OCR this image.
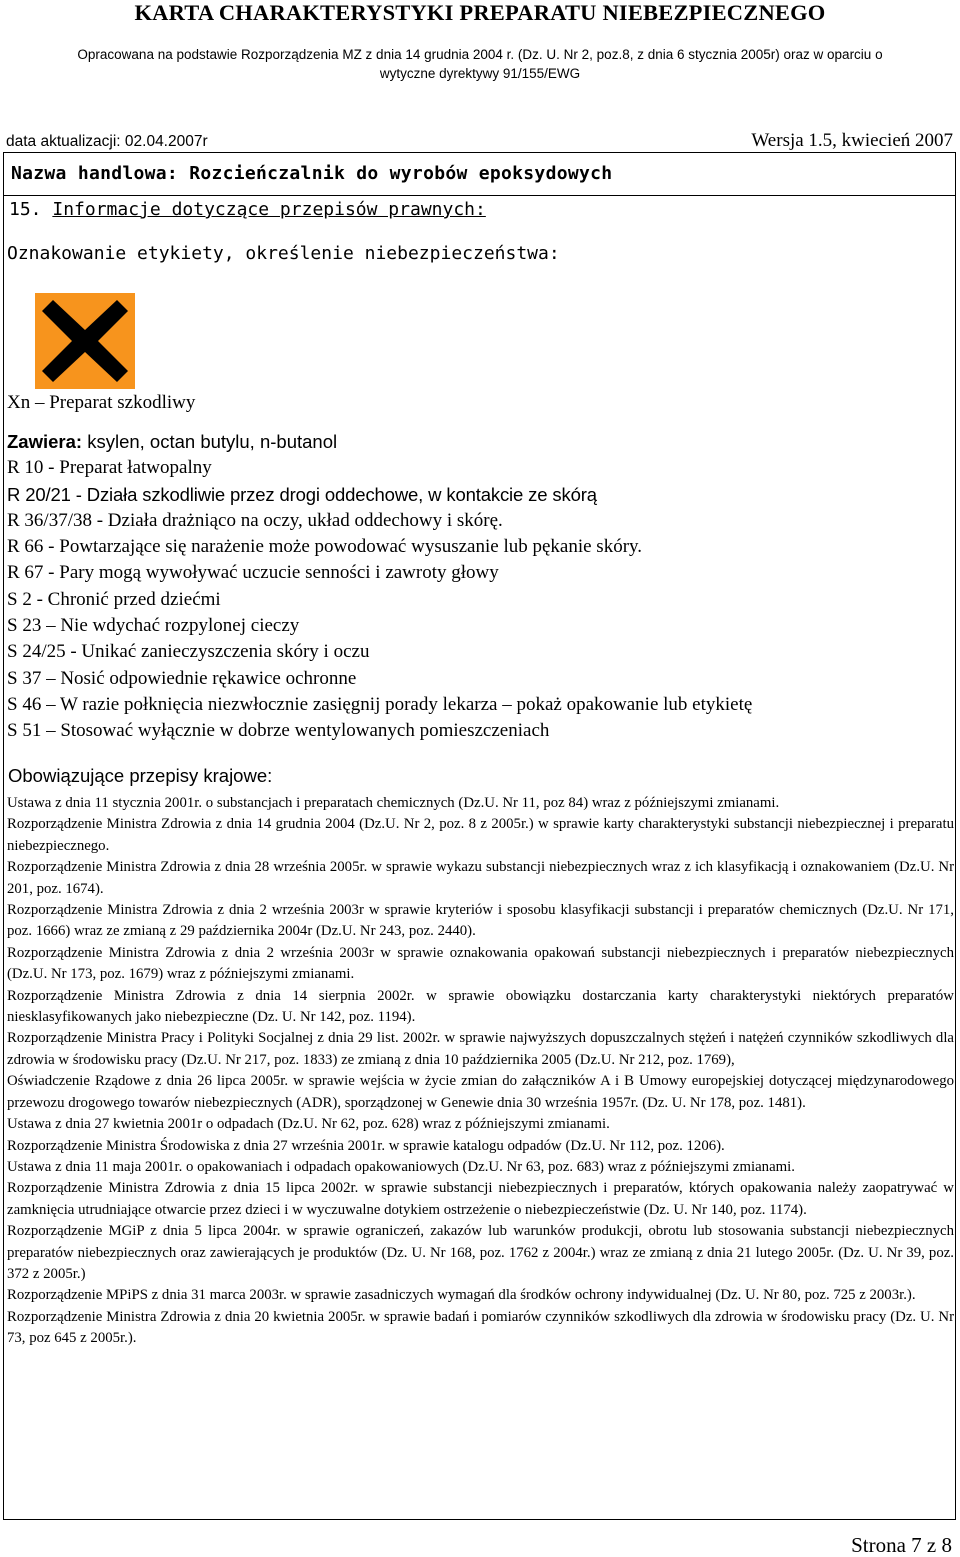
KARTA CHARAKTERYSTYKI PREPARATU NIEBEZPIECZNEGO
Opracowana na podstawie Rozporządzenia MZ z dnia 14 grudnia 2004 r. (Dz. U. Nr 2, poz.8, z dnia 6 stycznia 2005r) oraz w oparciu o
wytyczne dyrektywy 91/155/EWG
data aktualizacji: 02.04.2007r	Wersja 1.5, kwiecień 2007
Nazwa handlowa: Rozcieńczalnik do wyrobów epoksydowych
15. Informacje dotyczące przepisów prawnych:
Oznakowanie etykiety, określenie niebezpieczeństwa:
Xn – Preparat szkodliwy
Zawiera: ksylen, octan butylu, n-butanol
R 10 - Preparat łatwopalny
R 20/21 - Działa szkodliwie przez drogi oddechowe, w kontakcie ze skórą
R 36/37/38 - Działa drażniąco na oczy, układ oddechowy i skórę.
R 66 - Powtarzające się narażenie może powodować wysuszanie lub pękanie skóry.
R 67 - Pary mogą wywoływać uczucie senności i zawroty głowy
S 2 - Chronić przed dziećmi
S 23 – Nie wdychać rozpylonej cieczy
S 24/25 - Unikać zanieczyszczenia skóry i oczu
S 37 – Nosić odpowiednie rękawice ochronne
S 46 – W razie połknięcia niezwłocznie zasięgnij porady lekarza – pokaż opakowanie lub etykietę
S 51 – Stosować wyłącznie w dobrze wentylowanych pomieszczeniach
Obowiązujące przepisy krajowe:

Ustawa z dnia 11 stycznia 2001r. o substancjach i preparatach chemicznych (Dz.U. Nr 11, poz 84) wraz z późniejszymi zmianami.

Rozporządzenie Ministra Zdrowia z dnia 14 grudnia 2004 (Dz.U. Nr 2, poz. 8 z 2005r.) w sprawie karty charakterystyki substancji niebezpiecznej i preparatu niebezpiecznego.

Rozporządzenie Ministra Zdrowia z dnia 28 września 2005r. w sprawie wykazu substancji niebezpiecznych wraz z ich klasyfikacją i oznakowaniem (Dz.U. Nr 201, poz. 1674).

Rozporządzenie Ministra Zdrowia z dnia 2 września 2003r w sprawie kryteriów i sposobu klasyfikacji substancji i preparatów chemicznych (Dz.U. Nr 171, poz. 1666) wraz ze zmianą z 29 października 2004r (Dz.U. Nr 243, poz. 2440).

Rozporządzenie Ministra Zdrowia z dnia 2 września 2003r w sprawie oznakowania opakowań substancji niebezpiecznych i preparatów niebezpiecznych (Dz.U. Nr 173, poz. 1679) wraz z późniejszymi zmianami.

Rozporządzenie Ministra Zdrowia z dnia 14 sierpnia 2002r. w sprawie obowiązku dostarczania karty charakterystyki niektórych preparatów niesklasyfikowanych jako niebezpieczne (Dz. U. Nr 142, poz. 1194).

Rozporządzenie Ministra Pracy i Polityki Socjalnej z dnia 29 list. 2002r. w sprawie najwyższych dopuszczalnych stężeń i natężeń czynników szkodliwych dla zdrowia w środowisku pracy (Dz.U. Nr 217, poz. 1833) ze zmianą z dnia 10 października 2005 (Dz.U. Nr 212, poz. 1769),

Oświadczenie Rządowe z dnia 26 lipca 2005r. w sprawie wejścia w życie zmian do załączników A i B Umowy europejskiej dotyczącej międzynarodowego przewozu drogowego towarów niebezpiecznych (ADR), sporządzonej w Genewie dnia 30 września 1957r. (Dz. U. Nr 178, poz. 1481).

Ustawa z dnia 27 kwietnia 2001r o odpadach (Dz.U. Nr 62, poz. 628) wraz z późniejszymi zmianami.

Rozporządzenie Ministra Środowiska z dnia 27 września 2001r. w sprawie katalogu odpadów (Dz.U. Nr 112, poz. 1206).

Ustawa z dnia 11 maja 2001r. o opakowaniach i odpadach opakowaniowych (Dz.U. Nr 63, poz. 683) wraz z późniejszymi zmianami.

Rozporządzenie Ministra Zdrowia z dnia 15 lipca 2002r. w sprawie substancji niebezpiecznych i preparatów, których opakowania należy zaopatrywać w zamknięcia utrudniające otwarcie przez dzieci i w wyczuwalne dotykiem ostrzeżenie o niebezpieczeństwie (Dz. U. Nr 140, poz. 1174).

Rozporządzenie MGiP z dnia 5 lipca 2004r. w sprawie ograniczeń, zakazów lub warunków produkcji, obrotu lub stosowania substancji niebezpiecznych preparatów niebezpiecznych oraz zawierających je produktów (Dz. U. Nr 168, poz. 1762 z 2004r.) wraz ze zmianą z dnia 21 lutego 2005r. (Dz. U. Nr 39, poz. 372 z 2005r.)

Rozporządzenie MPiPS z dnia 31 marca 2003r. w sprawie zasadniczych wymagań dla środków ochrony indywidualnej (Dz. U. Nr 80, poz. 725 z 2003r.).

Rozporządzenie Ministra Zdrowia z dnia 20 kwietnia 2005r. w sprawie badań i pomiarów czynników szkodliwych dla zdrowia w środowisku pracy (Dz. U. Nr 73, poz 645 z 2005r.).

Strona 7 z 8
